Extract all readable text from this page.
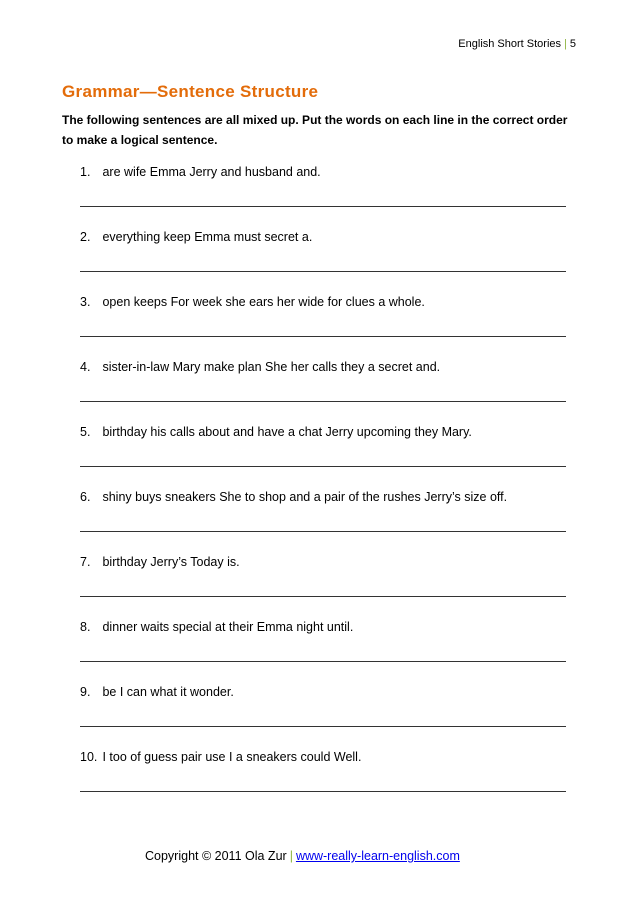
English Short Stories | 5
Grammar—Sentence Structure
The following sentences are all mixed up. Put the words on each line in the correct order to make a logical sentence.
1. are wife Emma Jerry and husband and.
2. everything keep Emma must secret a.
3. open keeps For week she ears her wide for clues a whole.
4. sister-in-law Mary make plan She her calls they a secret and.
5. birthday his calls about and have a chat Jerry upcoming they Mary.
6. shiny buys sneakers She to shop and a pair of the rushes Jerry’s size off.
7. birthday Jerry’s Today is.
8. dinner waits special at their Emma night until.
9. be I can what it wonder.
10. I too of guess pair use I a sneakers could Well.
Copyright © 2011 Ola Zur | www-really-learn-english.com
